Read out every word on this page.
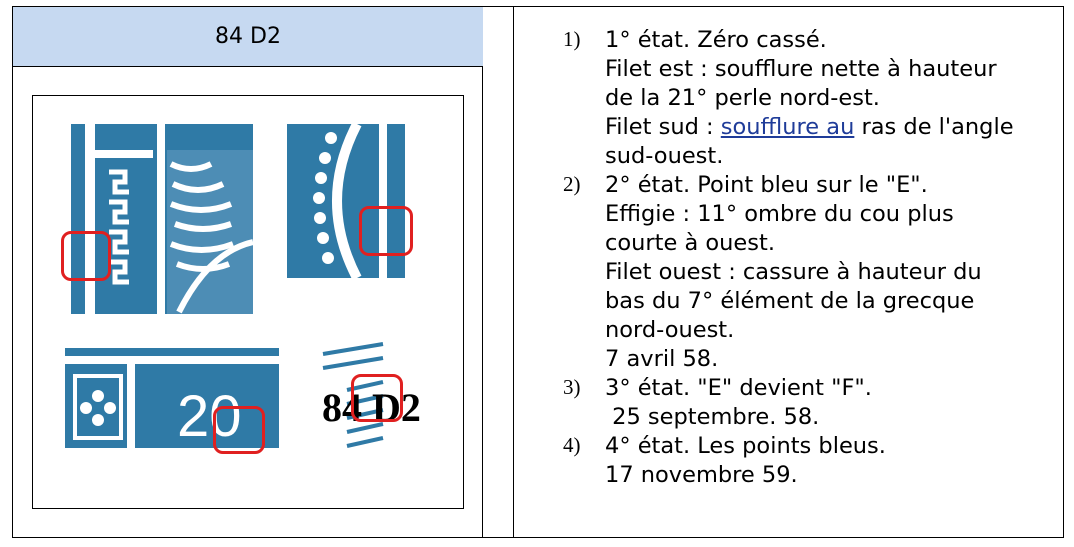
84 D2
20 84 D2
1) 1° état. Zéro cassé.
Filet est : soufflure nette à hauteur
de la 21° perle nord-est.
Filet sud : soufflure au ras de l'angle
sud-ouest.
2) 2° état. Point bleu sur le "E".
Effigie : 11° ombre du cou plus
courte à ouest.
Filet ouest : cassure à hauteur du
bas du 7° élément de la grecque
nord-ouest.
7 avril 58.
3) 3° état. "E" devient "F".
25 septembre. 58.
4) 4° état. Les points bleus.
17 novembre 59.
